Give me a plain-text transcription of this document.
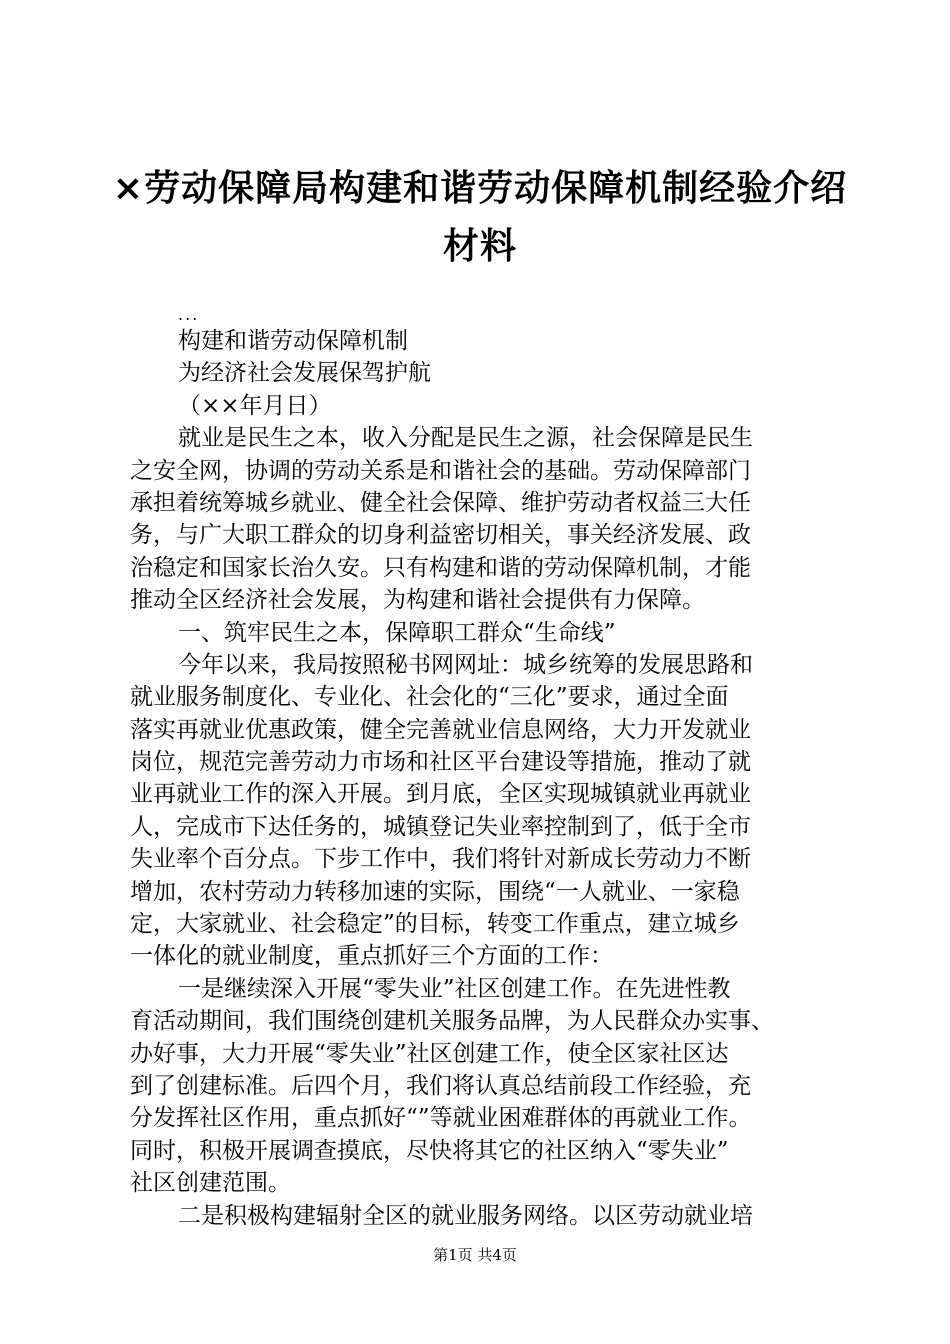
×劳动保障局构建和谐劳动保障机制经验介绍
材料
...
构建和谐劳动保障机制
为经济社会发展保驾护航
（××年月日）
就业是民生之本，收入分配是民生之源，社会保障是民生
之安全网，协调的劳动关系是和谐社会的基础。劳动保障部门
承担着统筹城乡就业、健全社会保障、维护劳动者权益三大任
务，与广大职工群众的切身利益密切相关，事关经济发展、政
治稳定和国家长治久安。只有构建和谐的劳动保障机制，才能
推动全区经济社会发展，为构建和谐社会提供有力保障。
一、筑牢民生之本，保障职工群众“生命线”
今年以来，我局按照秘书网网址：城乡统筹的发展思路和
就业服务制度化、专业化、社会化的“三化”要求，通过全面
落实再就业优惠政策，健全完善就业信息网络，大力开发就业
岗位，规范完善劳动力市场和社区平台建设等措施，推动了就
业再就业工作的深入开展。到月底，全区实现城镇就业再就业
人，完成市下达任务的，城镇登记失业率控制到了，低于全市
失业率个百分点。下步工作中，我们将针对新成长劳动力不断
增加，农村劳动力转移加速的实际，围绕“一人就业、一家稳
定，大家就业、社会稳定”的目标，转变工作重点，建立城乡
一体化的就业制度，重点抓好三个方面的工作：
一是继续深入开展“零失业”社区创建工作。在先进性教
育活动期间，我们围绕创建机关服务品牌，为人民群众办实事、
办好事，大力开展“零失业”社区创建工作，使全区家社区达
到了创建标准。后四个月，我们将认真总结前段工作经验，充
分发挥社区作用，重点抓好“”等就业困难群体的再就业工作。
同时，积极开展调查摸底，尽快将其它的社区纳入“零失业”
社区创建范围。
二是积极构建辐射全区的就业服务网络。以区劳动就业培
第1页 共4页
